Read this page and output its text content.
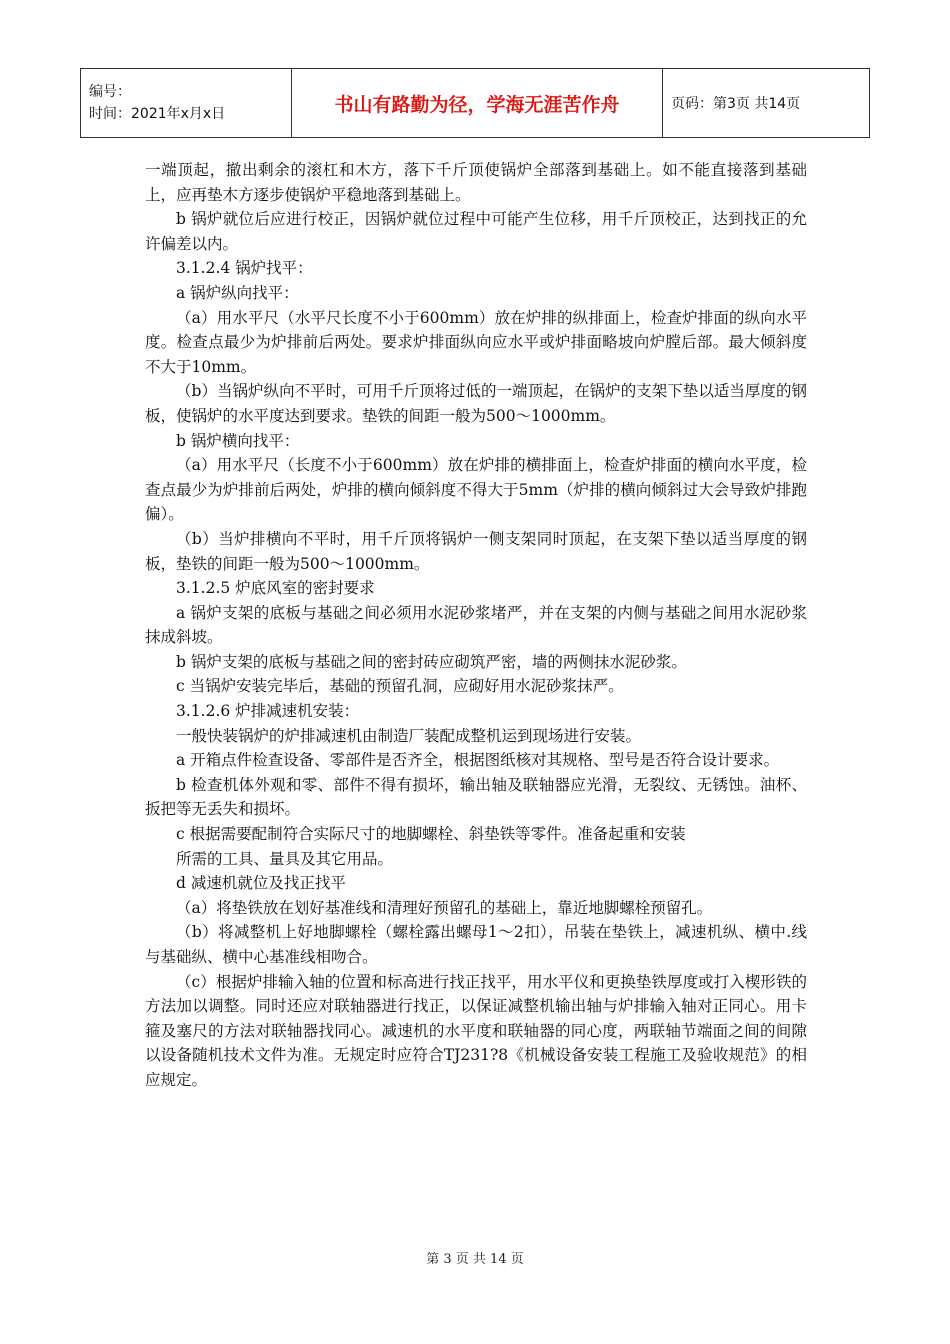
编号：
时间：2021年x月x日	书山有路勤为径，学海无涯苦作舟	页码：第3页 共14页

一端顶起，撤出剩余的滚杠和木方，落下千斤顶使锅炉全部落到基础上。如不能直接落到基础上，应再垫木方逐步使锅炉平稳地落到基础上。

b 锅炉就位后应进行校正，因锅炉就位过程中可能产生位移，用千斤顶校正，达到找正的允许偏差以内。

3.1.2.4 锅炉找平：

a 锅炉纵向找平：

（a）用水平尺（水平尺长度不小于600mm）放在炉排的纵排面上，检查炉排面的纵向水平度。检查点最少为炉排前后两处。要求炉排面纵向应水平或炉排面略坡向炉膛后部。最大倾斜度不大于10mm。

（b）当锅炉纵向不平时，可用千斤顶将过低的一端顶起，在锅炉的支架下垫以适当厚度的钢板，使锅炉的水平度达到要求。垫铁的间距一般为500～1000mm。

b 锅炉横向找平：

（a）用水平尺（长度不小于600mm）放在炉排的横排面上，检查炉排面的横向水平度，检查点最少为炉排前后两处，炉排的横向倾斜度不得大于5mm（炉排的横向倾斜过大会导致炉排跑偏）。

（b）当炉排横向不平时，用千斤顶将锅炉一侧支架同时顶起，在支架下垫以适当厚度的钢板，垫铁的间距一般为500～1000mm。

3.1.2.5 炉底风室的密封要求

a 锅炉支架的底板与基础之间必须用水泥砂浆堵严，并在支架的内侧与基础之间用水泥砂浆抹成斜坡。

b 锅炉支架的底板与基础之间的密封砖应砌筑严密，墙的两侧抹水泥砂浆。

c 当锅炉安装完毕后，基础的预留孔洞，应砌好用水泥砂浆抹严。

3.1.2.6 炉排减速机安装：

一般快装锅炉的炉排减速机由制造厂装配成整机运到现场进行安装。

a 开箱点件检查设备、零部件是否齐全，根据图纸核对其规格、型号是否符合设计要求。

b 检查机体外观和零、部件不得有损坏，输出轴及联轴器应光滑，无裂纹、无锈蚀。油杯、扳把等无丢失和损坏。

c 根据需要配制符合实际尺寸的地脚螺栓、斜垫铁等零件。准备起重和安装

所需的工具、量具及其它用品。

d 减速机就位及找正找平

（a）将垫铁放在划好基准线和清理好预留孔的基础上，靠近地脚螺栓预留孔。

（b）将减整机上好地脚螺栓（螺栓露出螺母1～2扣），吊装在垫铁上，减速机纵、横中.线与基础纵、横中心基准线相吻合。

（c）根据炉排输入轴的位置和标高进行找正找平，用水平仪和更换垫铁厚度或打入楔形铁的方法加以调整。同时还应对联轴器进行找正，以保证减整机输出轴与炉排输入轴对正同心。用卡箍及塞尺的方法对联轴器找同心。减速机的水平度和联轴器的同心度，两联轴节端面之间的间隙以设备随机技术文件为准。无规定时应符合TJ231?8《机械设备安装工程施工及验收规范》的相应规定。

第 3 页 共 14 页
